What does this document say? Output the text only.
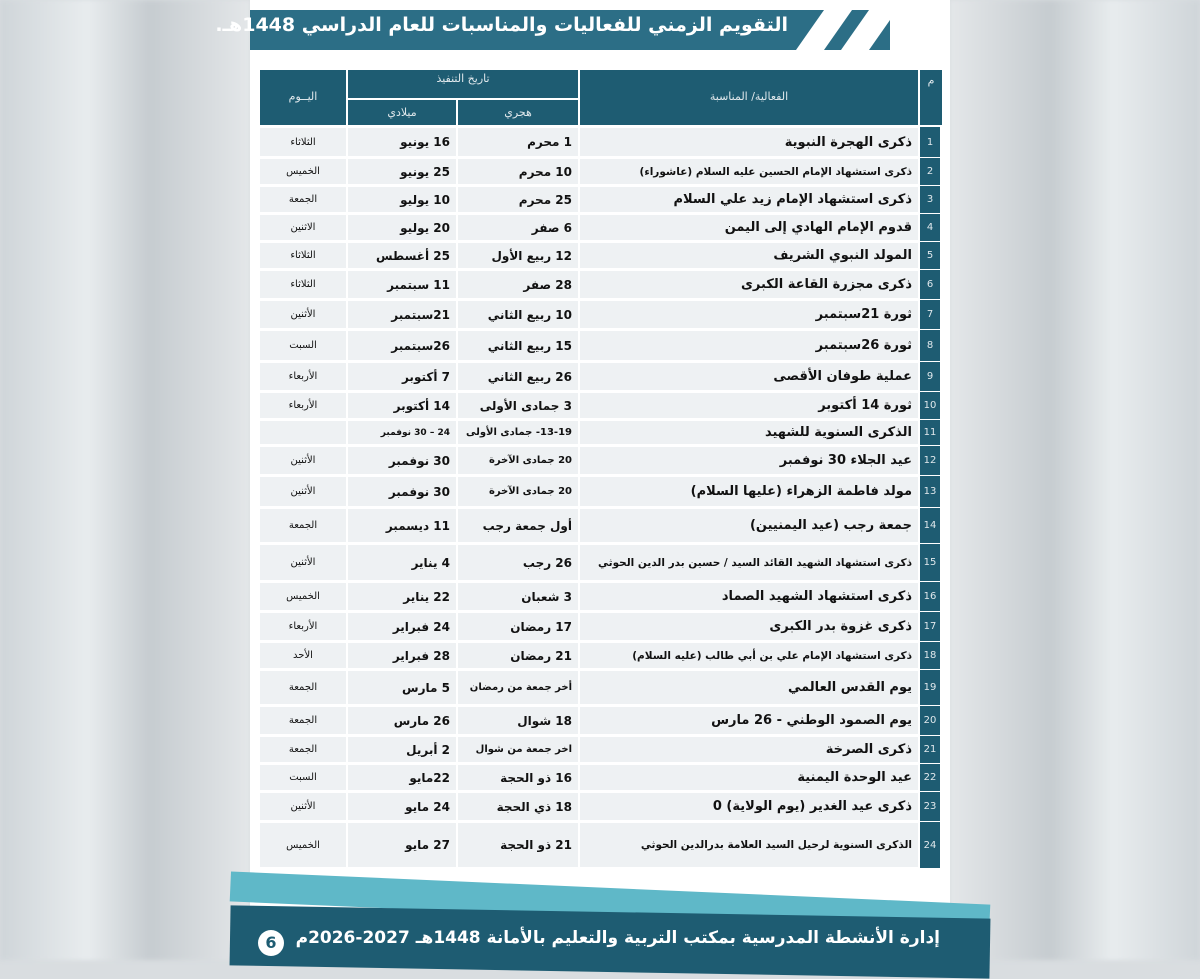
التقويم الزمني للفعاليات والمناسبات للعام الدراسي 1448هـ.
اليــوم
تاريخ التنفيذ
ميلادي	هجري
الفعالية/ المناسبة
م
1
ذكرى الهجرة النبوية
1 محرم
16 يونيو
الثلاثاء
2
ذكرى استشهاد الإمام الحسين عليه السلام (عاشوراء)
10 محرم
25 يونيو
الخميس
3
ذكرى استشهاد الإمام زيد علي السلام
25 محرم
10 يوليو
الجمعة
4
قدوم الإمام الهادي إلى اليمن
6 صفر
20 يوليو
الاثنين
5
المولد النبوي الشريف
12 ربيع الأول
25 أغسطس
الثلاثاء
6
ذكرى مجزرة القاعة الكبرى
28 صفر
11 سبتمبر
الثلاثاء
7
ثورة 21سبتمبر
10 ربيع الثاني
21سبتمبر
الأثنين
8
ثورة 26سبتمبر
15 ربيع الثاني
26سبتمبر
السبت
9
عملية طوفان الأقصى
26 ربيع الثاني
7 أكتوبر
الأربعاء
10
ثورة 14 أكتوبر
3 جمادى الأولى
14 أكتوبر
الأربعاء
11
الذكرى السنوية للشهيد
13-19- جمادى الأولى
24 – 30 نوفمبر
12
عيد الجلاء 30 نوفمبر
20 جمادى الآخرة
30 نوفمبر
الأثنين
13
مولد فاطمة الزهراء (عليها السلام)
20 جمادى الآخرة
30 نوفمبر
الأثنين
14
جمعة رجب (عيد اليمنيين)
أول جمعة رجب
11 ديسمبر
الجمعة
15
ذكرى استشهاد الشهيد القائد السيد / حسين بدر الدين الحوثي
26 رجب
4 يناير
الأثنين
16
ذكرى استشهاد الشهيد الصماد
3 شعبان
22 يناير
الخميس
17
ذكرى غزوة بدر الكبرى
17 رمضان
24 فبراير
الأربعاء
18
ذكرى استشهاد الإمام علي بن أبي طالب (عليه السلام)
21 رمضان
28 فبراير
الأحد
19
يوم القدس العالمي
أخر جمعة من رمضان
5 مارس
الجمعة
20
يوم الصمود الوطني - 26 مارس
18 شوال
26 مارس
الجمعة
21
ذكرى الصرخة
اخر جمعة من شوال
2 أبريل
الجمعة
22
عيد الوحدة اليمنية
16 ذو الحجة
22مايو
السبت
23
ذكرى عيد الغدير (يوم الولاية) 0
18 ذي الحجة
24 مايو
الأثنين
24
الذكرى السنوية لرحيل السيد العلامة بدرالدين الحوثي
21 ذو الحجة
27 مايو
الخميس
إدارة الأنشطة المدرسية بمكتب التربية والتعليم بالأمانة 1448هـ 2027-2026م
6
